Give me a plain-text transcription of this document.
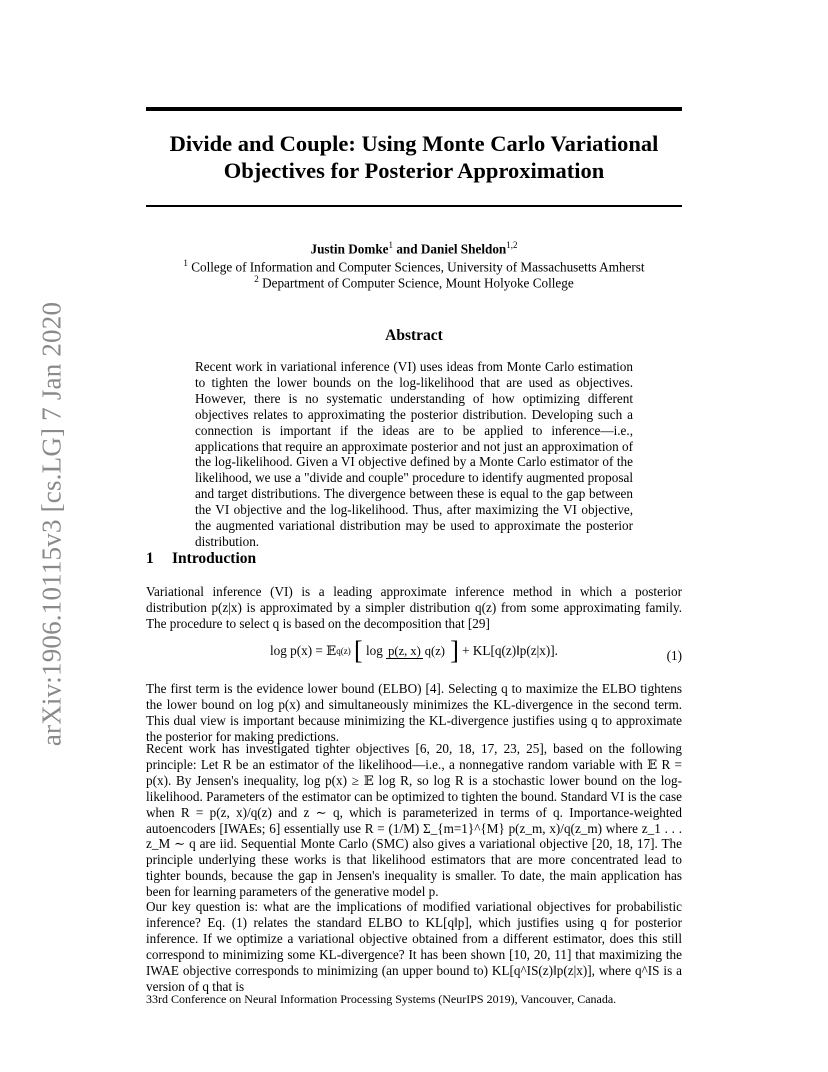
arXiv:1906.10115v3 [cs.LG] 7 Jan 2020
Divide and Couple: Using Monte Carlo Variational
Objectives for Posterior Approximation
Justin Domke$^1$ and Daniel Sheldon$^{1,2}$
$^1$ College of Information and Computer Sciences, University of Massachusetts Amherst
$^2$ Department of Computer Science, Mount Holyoke College
Abstract
Recent work in variational inference (VI) uses ideas from Monte Carlo estimation to tighten the lower bounds on the log-likelihood that are used as objectives. However, there is no systematic understanding of how optimizing different objectives relates to approximating the posterior distribution. Developing such a connection is important if the ideas are to be applied to inference—i.e., applications that require an approximate posterior and not just an approximation of the log-likelihood. Given a VI objective defined by a Monte Carlo estimator of the likelihood, we use a "divide and couple" procedure to identify augmented proposal and target distributions. The divergence between these is equal to the gap between the VI objective and the log-likelihood. Thus, after maximizing the VI objective, the augmented variational distribution may be used to approximate the posterior distribution.
1 Introduction
Variational inference (VI) is a leading approximate inference method in which a posterior distribution p(z|x) is approximated by a simpler distribution q(z) from some approximating family. The procedure to select q is based on the decomposition that [29]
log p(x) = 𝔼q(z) [ log p(z, x) q(z) ] + KL[q(z)‖p(z|x)].	(1)
The first term is the evidence lower bound (ELBO) [4]. Selecting q to maximize the ELBO tightens the lower bound on log p(x) and simultaneously minimizes the KL-divergence in the second term. This dual view is important because minimizing the KL-divergence justifies using q to approximate the posterior for making predictions.
Recent work has investigated tighter objectives [6, 20, 18, 17, 23, 25], based on the following principle: Let R be an estimator of the likelihood—i.e., a nonnegative random variable with 𝔼 R = p(x). By Jensen's inequality, log p(x) ≥ 𝔼 log R, so log R is a stochastic lower bound on the log-likelihood. Parameters of the estimator can be optimized to tighten the bound. Standard VI is the case when R = p(z, x)/q(z) and z ∼ q, which is parameterized in terms of q. Importance-weighted autoencoders [IWAEs; 6] essentially use R = (1/M) Σ_{m=1}^{M} p(z_m, x)/q(z_m) where z_1 . . . z_M ∼ q are iid. Sequential Monte Carlo (SMC) also gives a variational objective [20, 18, 17]. The principle underlying these works is that likelihood estimators that are more concentrated lead to tighter bounds, because the gap in Jensen's inequality is smaller. To date, the main application has been for learning parameters of the generative model p.
Our key question is: what are the implications of modified variational objectives for probabilistic inference? Eq. (1) relates the standard ELBO to KL[q‖p], which justifies using q for posterior inference. If we optimize a variational objective obtained from a different estimator, does this still correspond to minimizing some KL-divergence? It has been shown [10, 20, 11] that maximizing the IWAE objective corresponds to minimizing (an upper bound to) KL[q^IS(z)‖p(z|x)], where q^IS is a version of q that is
33rd Conference on Neural Information Processing Systems (NeurIPS 2019), Vancouver, Canada.
